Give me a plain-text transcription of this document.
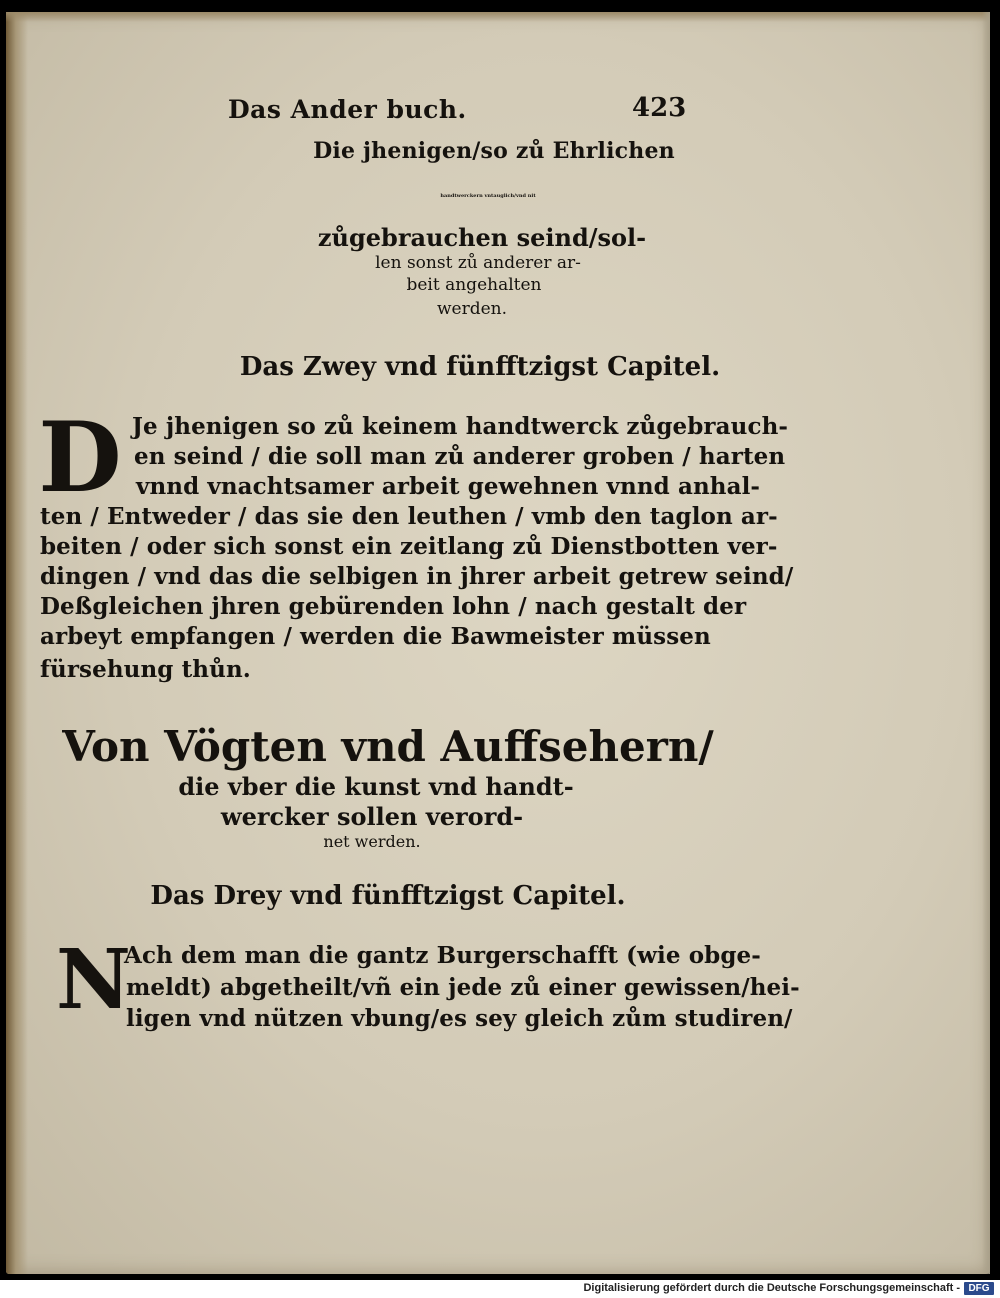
Das Ander buch.	423
Die jhenigen/so zů Ehrlichen
handtwerckern vntauglich/vnd nit
zůgebrauchen seind/sol-
len sonst zů anderer ar-
beit angehalten
werden.
Das Zwey vnd fünfftzigst Capitel.
D Je jhenigen so zů keinem handtwerck zůgebrauch-
en seind / die soll man zů anderer groben / harten
vnnd vnachtsamer arbeit gewehnen vnnd anhal-
ten / Entweder / das sie den leuthen / vmb den taglon ar-
beiten / oder sich sonst ein zeitlang zů Dienstbotten ver-
dingen / vnd das die selbigen in jhrer arbeit getrew seind/
Deßgleichen jhren gebürenden lohn / nach gestalt der
arbeyt empfangen / werden die Bawmeister müssen
fürsehung thůn.
Von Vögten vnd Auffsehern/
die vber die kunst vnd handt-
wercker sollen verord-
net werden.
Das Drey vnd fünfftzigst Capitel.
N
Ach dem man die gantz Burgerschafft (wie obge-
meldt) abgetheilt/vñ ein jede zů einer gewissen/hei-
ligen vnd nützen vbung/es sey gleich zům studiren/
Digitalisierung gefördert durch die Deutsche Forschungsgemeinschaft - DFG
